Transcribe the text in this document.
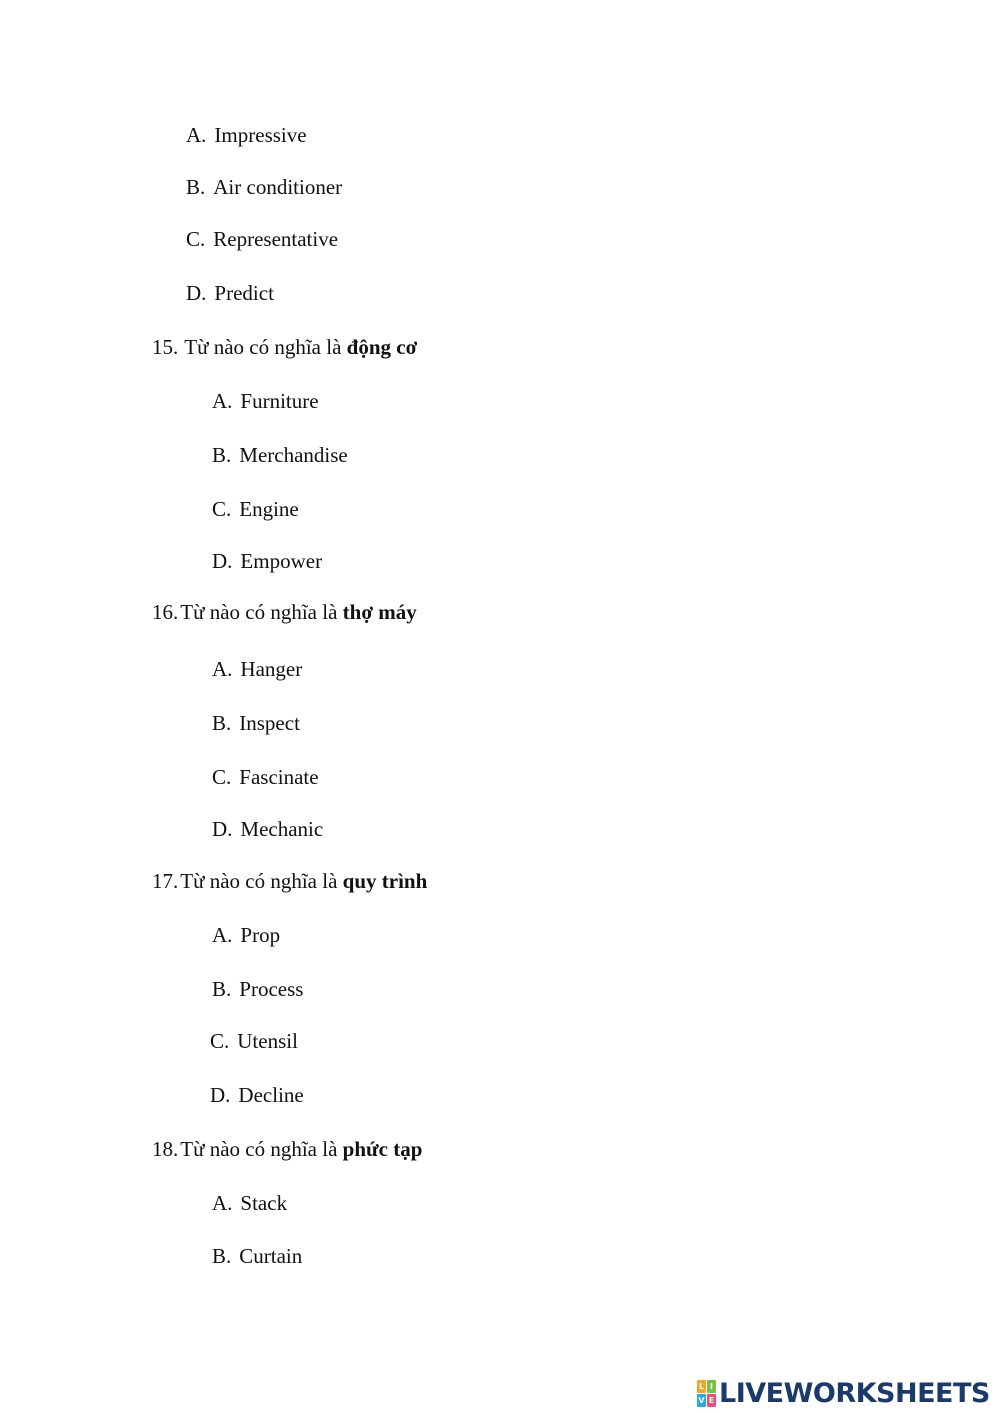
A. Impressive
B. Air conditioner
C. Representative
D. Predict
15. Từ nào có nghĩa là động cơ
A. Furniture
B. Merchandise
C. Engine
D. Empower
16.Từ nào có nghĩa là thợ máy
A. Hanger
B. Inspect
C. Fascinate
D. Mechanic
17.Từ nào có nghĩa là quy trình
A. Prop
B. Process
C. Utensil
D. Decline
18.Từ nào có nghĩa là phức tạp
A. Stack
B. Curtain
L I
V E LIVEWORKSHEETS
